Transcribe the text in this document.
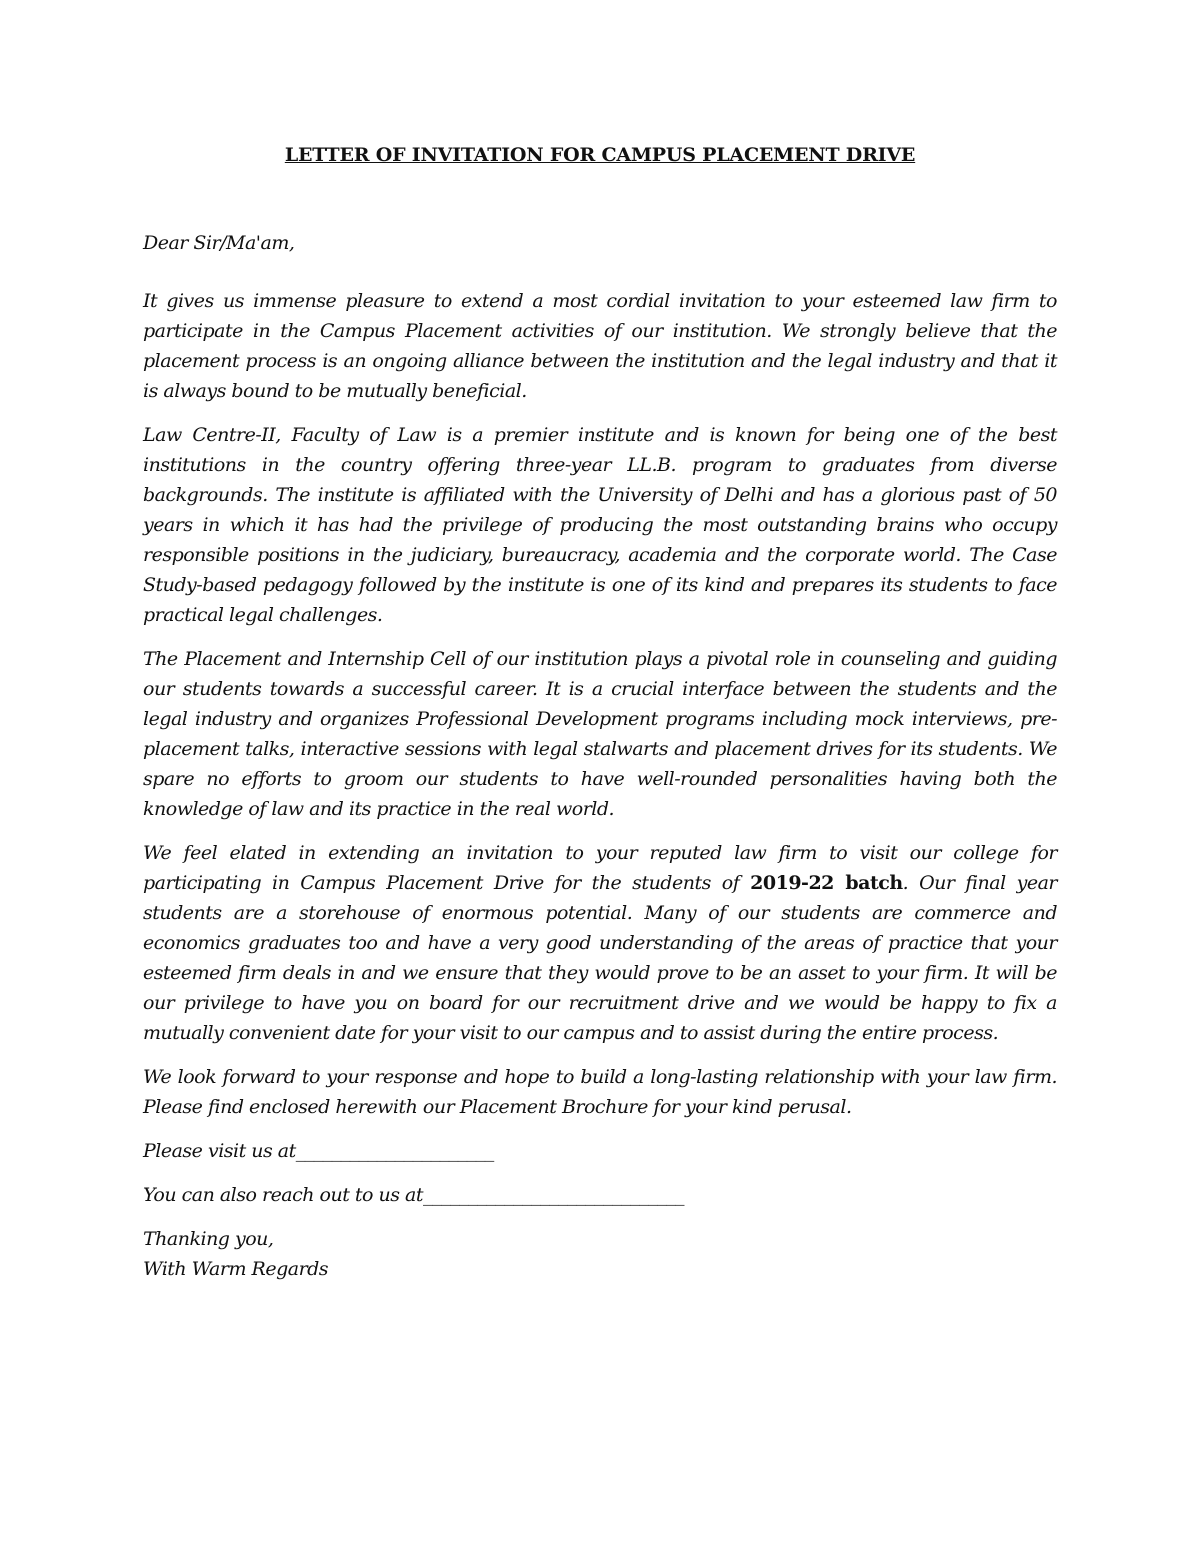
LETTER OF INVITATION FOR CAMPUS PLACEMENT DRIVE

Dear Sir/Ma'am,

It gives us immense pleasure to extend a most cordial invitation to your esteemed law firm to participate in the Campus Placement activities of our institution. We strongly believe that the placement process is an ongoing alliance between the institution and the legal industry and that it is always bound to be mutually beneficial.

Law Centre-II, Faculty of Law is a premier institute and is known for being one of the best institutions in the country offering three-year LL.B. program to graduates from diverse backgrounds. The institute is affiliated with the University of Delhi and has a glorious past of 50 years in which it has had the privilege of producing the most outstanding brains who occupy responsible positions in the judiciary, bureaucracy, academia and the corporate world. The Case Study-based pedagogy followed by the institute is one of its kind and prepares its students to face practical legal challenges.

The Placement and Internship Cell of our institution plays a pivotal role in counseling and guiding our students towards a successful career. It is a crucial interface between the students and the legal industry and organizes Professional Development programs including mock interviews, pre-placement talks, interactive sessions with legal stalwarts and placement drives for its students. We spare no efforts to groom our students to have well-rounded personalities having both the knowledge of law and its practice in the real world.

We feel elated in extending an invitation to your reputed law firm to visit our college for participating in Campus Placement Drive for the students of 2019-22 batch. Our final year students are a storehouse of enormous potential. Many of our students are commerce and economics graduates too and have a very good understanding of the areas of practice that your esteemed firm deals in and we ensure that they would prove to be an asset to your firm. It will be our privilege to have you on board for our recruitment drive and we would be happy to fix a mutually convenient date for your visit to our campus and to assist during the entire process.

We look forward to your response and hope to build a long-lasting relationship with your law firm. Please find enclosed herewith our Placement Brochure for your kind perusal.

Please visit us at______________________

You can also reach out to us at_____________________________

Thanking you,
With Warm Regards
